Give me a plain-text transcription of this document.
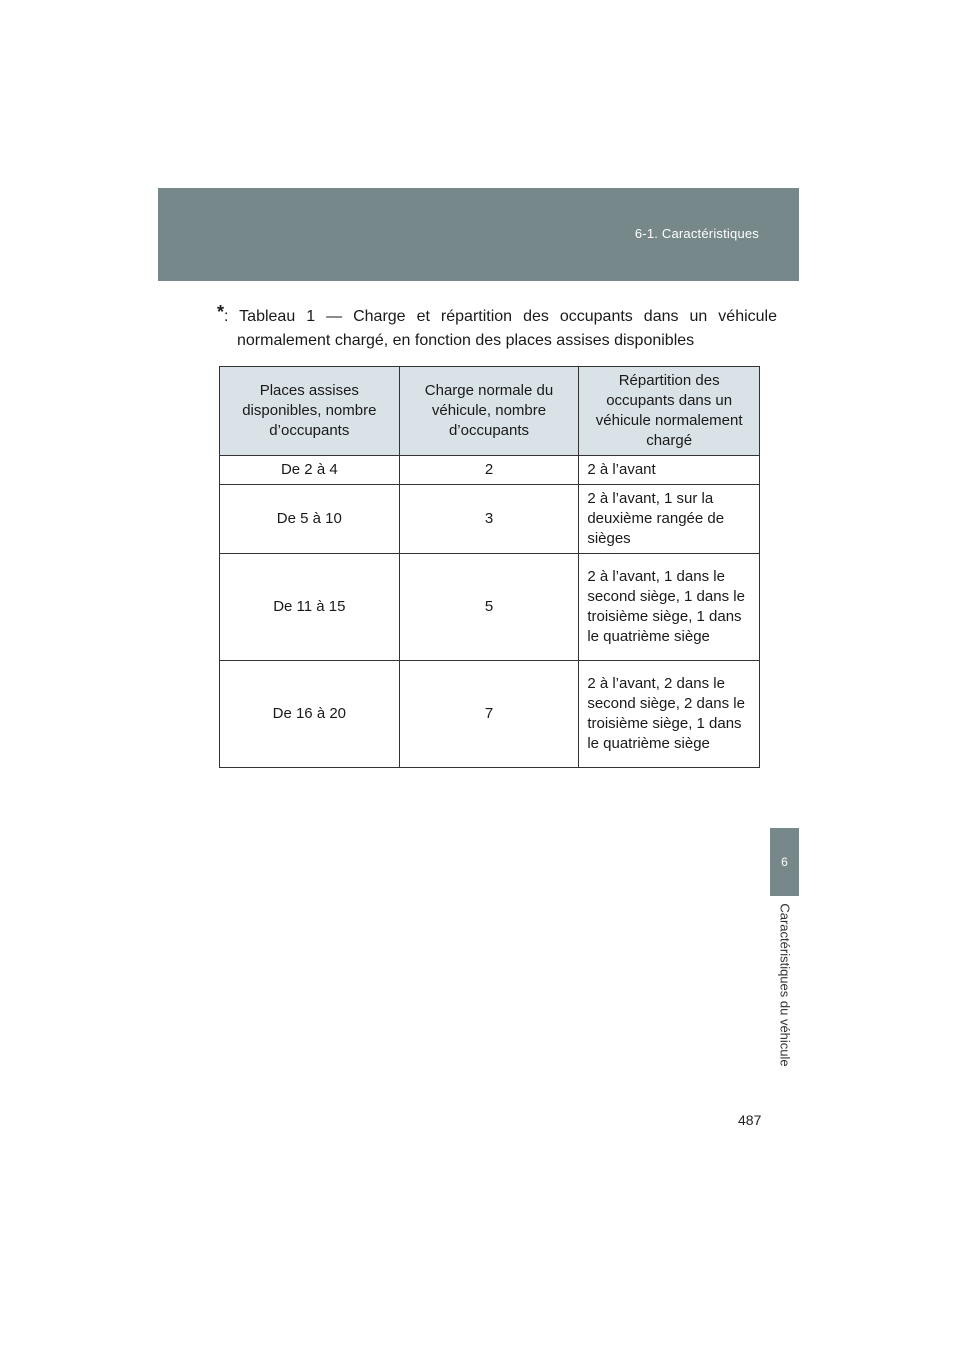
6-1. Caractéristiques
6
Caractéristiques du véhicule
*: Tableau 1 — Charge et répartition des occupants dans un véhicule normalement chargé, en fonction des places assises disponibles
Places assises disponibles, nombre d’occupants	Charge normale du véhicule, nombre d’occupants	Répartition des occupants dans un véhicule normalement chargé
De 2 à 4	2	2 à l’avant
De 5 à 10	3	2 à l’avant, 1 sur la deuxième rangée de sièges
De 11 à 15	5	2 à l’avant, 1 dans le second siège, 1 dans le troisième siège, 1 dans le quatrième siège
De 16 à 20	7	2 à l’avant, 2 dans le second siège, 2 dans le troisième siège, 1 dans le quatrième siège
487
